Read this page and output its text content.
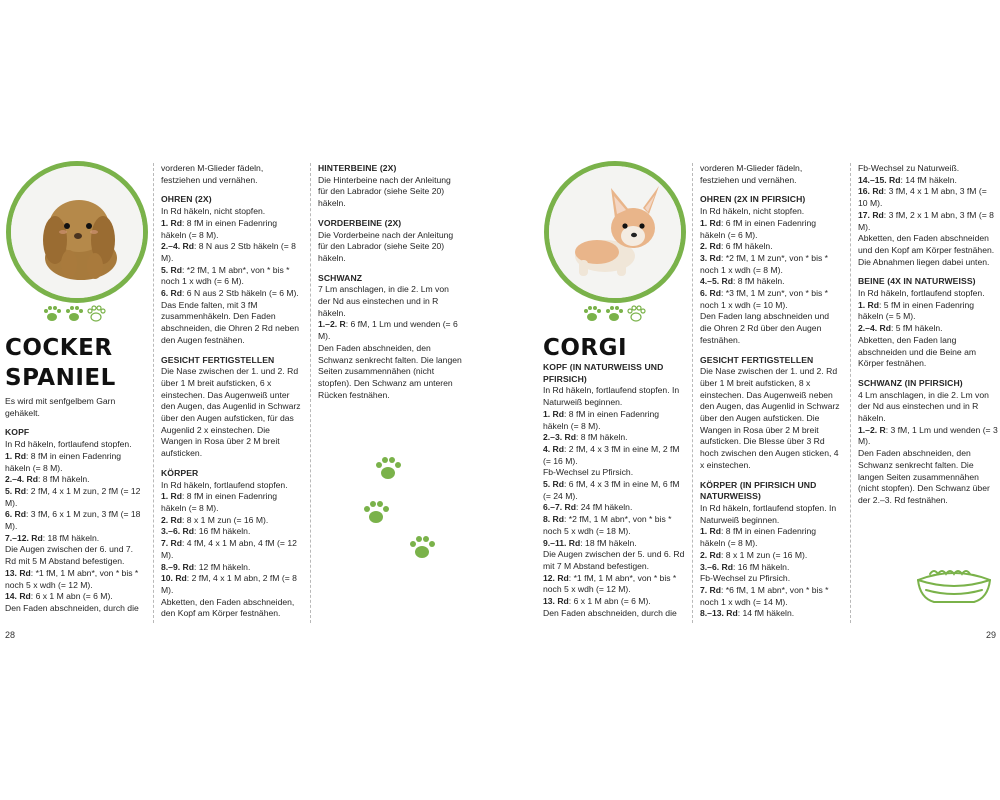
COCKER
SPANIEL

Es wird mit senfgelbem Garn gehäkelt.

KOPF

In Rd häkeln, fortlaufend stopfen.

1. Rd: 8 fM in einen Fadenring häkeln (= 8 M).

2.–4. Rd: 8 fM häkeln.

5. Rd: 2 fM, 4 x 1 M zun, 2 fM (= 12 M).

6. Rd: 3 fM, 6 x 1 M zun, 3 fM (= 18 M).

7.–12. Rd: 18 fM häkeln.

Die Augen zwischen der 6. und 7. Rd mit 5 M Abstand befestigen.

13. Rd: *1 fM, 1 M abn*, von * bis * noch 5 x wdh (= 12 M).

14. Rd: 6 x 1 M abn (= 6 M).

Den Faden abschneiden, durch die

vorderen M-Glieder fädeln, festziehen und vernähen.

OHREN (2X)

In Rd häkeln, nicht stopfen.

1. Rd: 8 fM in einen Fadenring häkeln (= 8 M).

2.–4. Rd: 8 N aus 2 Stb häkeln (= 8 M).

5. Rd: *2 fM, 1 M abn*, von * bis * noch 1 x wdh (= 6 M).

6. Rd: 6 N aus 2 Stb häkeln (= 6 M).

Das Ende falten, mit 3 fM zusammenhäkeln. Den Faden abschneiden, die Ohren 2 Rd neben den Augen festnähen.

GESICHT FERTIGSTELLEN

Die Nase zwischen der 1. und 2. Rd über 1 M breit aufsticken, 6 x einstechen. Das Augenweiß unter den Augen, das Augenlid in Schwarz über den Augen aufsticken, für das Augenlid 2 x einstechen. Die Wangen in Rosa über 2 M breit aufsticken.

KÖRPER

In Rd häkeln, fortlaufend stopfen.

1. Rd: 8 fM in einen Fadenring häkeln (= 8 M).

2. Rd: 8 x 1 M zun (= 16 M).

3.–6. Rd: 16 fM häkeln.

7. Rd: 4 fM, 4 x 1 M abn, 4 fM (= 12 M).

8.–9. Rd: 12 fM häkeln.

10. Rd: 2 fM, 4 x 1 M abn, 2 fM (= 8 M).

Abketten, den Faden abschneiden, den Kopf am Körper festnähen.

HINTERBEINE (2X)

Die Hinterbeine nach der Anleitung für den Labrador (siehe Seite 20) häkeln.

VORDERBEINE (2X)

Die Vorderbeine nach der Anleitung für den Labrador (siehe Seite 20) häkeln.

SCHWANZ

7 Lm anschlagen, in die 2. Lm von der Nd aus einstechen und in R häkeln.

1.–2. R: 6 fM, 1 Lm und wenden (= 6 M).

Den Faden abschneiden, den Schwanz senkrecht falten. Die langen Seiten zusammennähen (nicht stopfen). Den Schwanz am unteren Rücken festnähen.

28
CORGI

KOPF (IN NATURWEISS UND PFIRSICH)

In Rd häkeln, fortlaufend stopfen. In Naturweiß beginnen.

1. Rd: 8 fM in einen Fadenring häkeln (= 8 M).

2.–3. Rd: 8 fM häkeln.

4. Rd: 2 fM, 4 x 3 fM in eine M, 2 fM (= 16 M).

Fb-Wechsel zu Pfirsich.

5. Rd: 6 fM, 4 x 3 fM in eine M, 6 fM (= 24 M).

6.–7. Rd: 24 fM häkeln.

8. Rd: *2 fM, 1 M abn*, von * bis * noch 5 x wdh (= 18 M).

9.–11. Rd: 18 fM häkeln.

Die Augen zwischen der 5. und 6. Rd mit 7 M Abstand befestigen.

12. Rd: *1 fM, 1 M abn*, von * bis * noch 5 x wdh (= 12 M).

13. Rd: 6 x 1 M abn (= 6 M).

Den Faden abschneiden, durch die

vorderen M-Glieder fädeln, festziehen und vernähen.

OHREN (2X IN PFIRSICH)

In Rd häkeln, nicht stopfen.

1. Rd: 6 fM in einen Fadenring häkeln (= 6 M).

2. Rd: 6 fM häkeln.

3. Rd: *2 fM, 1 M zun*, von * bis * noch 1 x wdh (= 8 M).

4.–5. Rd: 8 fM häkeln.

6. Rd: *3 fM, 1 M zun*, von * bis * noch 1 x wdh (= 10 M).

Den Faden lang abschneiden und die Ohren 2 Rd über den Augen festnähen.

GESICHT FERTIGSTELLEN

Die Nase zwischen der 1. und 2. Rd über 1 M breit aufsticken, 8 x einstechen. Das Augenweiß neben den Augen, das Augenlid in Schwarz über den Augen aufsticken. Die Wangen in Rosa über 2 M breit aufsticken. Die Blesse über 3 Rd hoch zwischen den Augen sticken, 4 x einstechen.

KÖRPER (IN PFIRSICH UND NATURWEISS)

In Rd häkeln, fortlaufend stopfen. In Naturweiß beginnen.

1. Rd: 8 fM in einen Fadenring häkeln (= 8 M).

2. Rd: 8 x 1 M zun (= 16 M).

3.–6. Rd: 16 fM häkeln.

Fb-Wechsel zu Pfirsich.

7. Rd: *6 fM, 1 M abn*, von * bis * noch 1 x wdh (= 14 M).

8.–13. Rd: 14 fM häkeln.

Fb-Wechsel zu Naturweiß.

14.–15. Rd: 14 fM häkeln.

16. Rd: 3 fM, 4 x 1 M abn, 3 fM (= 10 M).

17. Rd: 3 fM, 2 x 1 M abn, 3 fM (= 8 M).

Abketten, den Faden abschneiden und den Kopf am Körper festnähen. Die Abnahmen liegen dabei unten.

BEINE (4X IN NATURWEISS)

In Rd häkeln, fortlaufend stopfen.

1. Rd: 5 fM in einen Fadenring häkeln (= 5 M).

2.–4. Rd: 5 fM häkeln.

Abketten, den Faden lang abschneiden und die Beine am Körper festnähen.

SCHWANZ (IN PFIRSICH)

4 Lm anschlagen, in die 2. Lm von der Nd aus einstechen und in R häkeln.

1.–2. R: 3 fM, 1 Lm und wenden (= 3 M).

Den Faden abschneiden, den Schwanz senkrecht falten. Die langen Seiten zusammennähen (nicht stopfen). Den Schwanz über der 2.–3. Rd festnähen.

29
